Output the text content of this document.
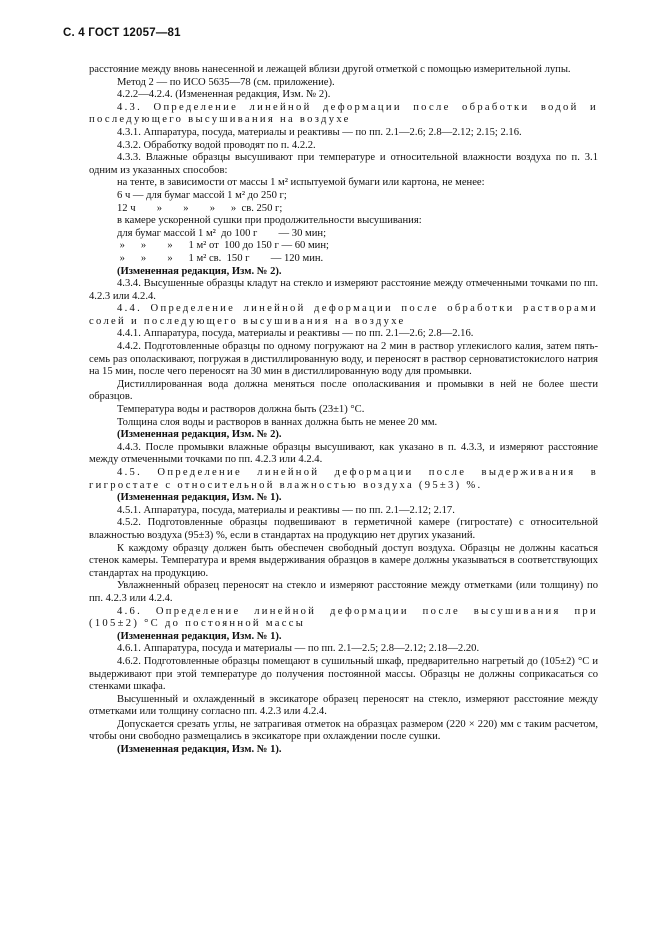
С. 4 ГОСТ 12057—81

расстояние между вновь нанесенной и лежащей вблизи другой отметкой с помощью измерительной лупы.

Метод 2 — по ИСО 5635—78 (см. приложение).

4.2.2—4.2.4. (Измененная редакция, Изм. № 2).

4.3. Определение линейной деформации после обработки водой и последующего высушивания на воздухе

4.3.1. Аппаратура, посуда, материалы и реактивы — по пп. 2.1—2.6; 2.8—2.12; 2.15; 2.16.

4.3.2. Обработку водой проводят по п. 4.2.2.

4.3.3. Влажные образцы высушивают при температуре и относительной влажности воздуха по п. 3.1 одним из указанных способов:

на тенте, в зависимости от массы 1 м² испытуемой бумаги или картона, не менее:

6 ч — для бумаг массой 1 м² до 250 г;
12 ч        »        »        »      »  св. 250 г;
в камере ускоренной сушки при продолжительности высушивания:
для бумаг массой 1 м²  до 100 г        — 30 мин;
»      »        »      1 м² от  100 до 150 г — 60 мин;
»      »        »      1 м² св.  150 г        — 120 мин.

(Измененная редакция, Изм. № 2).

4.3.4. Высушенные образцы кладут на стекло и измеряют расстояние между отмеченными точками по пп. 4.2.3 или 4.2.4.

4.4. Определение линейной деформации после обработки растворами солей и последующего высушивания на воздухе

4.4.1. Аппаратура, посуда, материалы и реактивы — по пп. 2.1—2.6; 2.8—2.16.

4.4.2. Подготовленные образцы по одному погружают на 2 мин в раствор углекислого калия, затем пять-семь раз ополаскивают, погружая в дистиллированную воду, и переносят в раствор серноватистокислого натрия на 15 мин, после чего переносят на 30 мин в дистиллированную воду для промывки.

Дистиллированная вода должна меняться после ополаскивания и промывки в ней не более шести образцов.

Температура воды и растворов должна быть (23±1) °С.

Толщина слоя воды и растворов в ваннах должна быть не менее 20 мм.

(Измененная редакция, Изм. № 2).

4.4.3. После промывки влажные образцы высушивают, как указано в п. 4.3.3, и измеряют расстояние между отмеченными точками по пп. 4.2.3 или 4.2.4.

4.5. Определение линейной деформации после выдерживания в гигростате с относительной влажностью воздуха (95±3) %.

(Измененная редакция, Изм. № 1).

4.5.1. Аппаратура, посуда, материалы и реактивы — по пп. 2.1—2.12; 2.17.

4.5.2. Подготовленные образцы подвешивают в герметичной камере (гигростате) с относительной влажностью воздуха (95±3) %, если в стандартах на продукцию нет других указаний.

К каждому образцу должен быть обеспечен свободный доступ воздуха. Образцы не должны касаться стенок камеры. Температура и время выдерживания образцов в камере должны указываться в соответствующих стандартах на продукцию.

Увлажненный образец переносят на стекло и измеряют расстояние между отметками (или толщину) по пп. 4.2.3 или 4.2.4.

4.6. Определение линейной деформации после высушивания при (105±2) °С до постоянной массы

(Измененная редакция, Изм. № 1).

4.6.1. Аппаратура, посуда и материалы — по пп. 2.1—2.5; 2.8—2.12; 2.18—2.20.

4.6.2. Подготовленные образцы помещают в сушильный шкаф, предварительно нагретый до (105±2) °С и выдерживают при этой температуре до получения постоянной массы. Образцы не должны соприкасаться со стенками шкафа.

Высушенный и охлажденный в эксикаторе образец переносят на стекло, измеряют расстояние между отметками или толщину согласно пп. 4.2.3 или 4.2.4.

Допускается срезать углы, не затрагивая отметок на образцах размером (220 × 220) мм с таким расчетом, чтобы они свободно размещались в эксикаторе при охлаждении после сушки.

(Измененная редакция, Изм. № 1).
